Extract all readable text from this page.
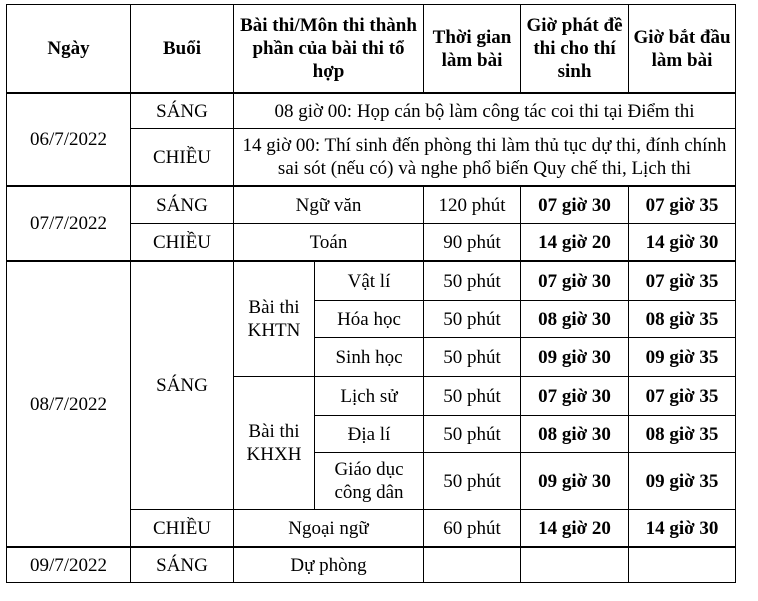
Ngày	Buổi	Bài thi/Môn thi thành phần của bài thi tổ hợp		Thời gian làm bài	Giờ phát đề thi cho thí sinh	Giờ bắt đầu làm bài
06/7/2022	SÁNG	08 giờ 00: Họp cán bộ làm công tác coi thi tại Điểm thi				
	CHIỀU	14 giờ 00: Thí sinh đến phòng thi làm thủ tục dự thi, đính chính sai sót (nếu có) và nghe phổ biến Quy chế thi, Lịch thi				
07/7/2022	SÁNG	Ngữ văn		120 phút	07 giờ 30	07 giờ 35
	CHIỀU	Toán		90 phút	14 giờ 20	14 giờ 30
08/7/2022	SÁNG	Bài thi KHTN	Vật lí	50 phút	07 giờ 30	07 giờ 35
			Hóa học	50 phút	08 giờ 30	08 giờ 35
			Sinh học	50 phút	09 giờ 30	09 giờ 35
		Bài thi KHXH	Lịch sử	50 phút	07 giờ 30	07 giờ 35
			Địa lí	50 phút	08 giờ 30	08 giờ 35
			Giáo dục công dân	50 phút	09 giờ 30	09 giờ 35
	CHIỀU	Ngoại ngữ		60 phút	14 giờ 20	14 giờ 30
09/7/2022	SÁNG	Dự phòng				
